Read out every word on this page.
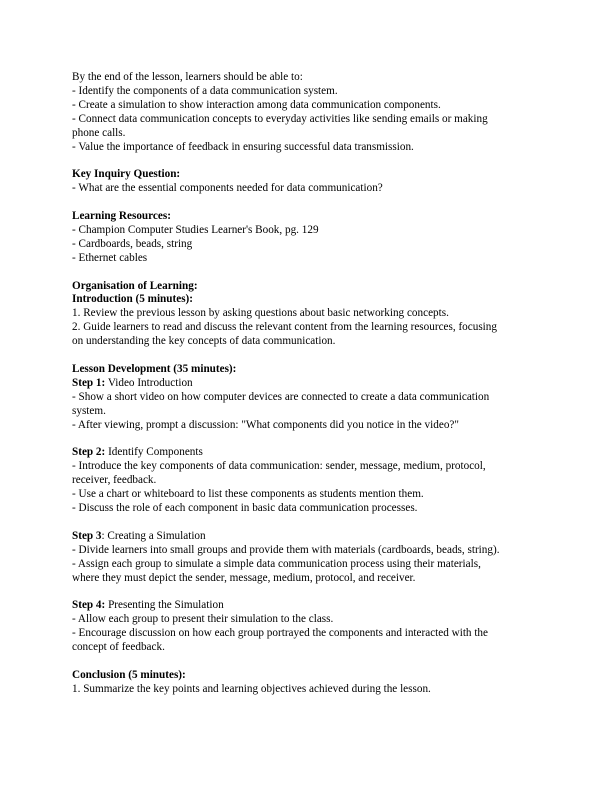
By the end of the lesson, learners should be able to:
- Identify the components of a data communication system.
- Create a simulation to show interaction among data communication components.
- Connect data communication concepts to everyday activities like sending emails or making
phone calls.
- Value the importance of feedback in ensuring successful data transmission.
Key Inquiry Question:
- What are the essential components needed for data communication?
Learning Resources:
- Champion Computer Studies Learner's Book, pg. 129
- Cardboards, beads, string
- Ethernet cables
Organisation of Learning:
Introduction (5 minutes):
1. Review the previous lesson by asking questions about basic networking concepts.
2. Guide learners to read and discuss the relevant content from the learning resources, focusing
on understanding the key concepts of data communication.
Lesson Development (35 minutes):
Step 1: Video Introduction
- Show a short video on how computer devices are connected to create a data communication
system.
- After viewing, prompt a discussion: "What components did you notice in the video?"
Step 2: Identify Components
- Introduce the key components of data communication: sender, message, medium, protocol,
receiver, feedback.
- Use a chart or whiteboard to list these components as students mention them.
- Discuss the role of each component in basic data communication processes.
Step 3: Creating a Simulation
- Divide learners into small groups and provide them with materials (cardboards, beads, string).
- Assign each group to simulate a simple data communication process using their materials,
where they must depict the sender, message, medium, protocol, and receiver.
Step 4: Presenting the Simulation
- Allow each group to present their simulation to the class.
- Encourage discussion on how each group portrayed the components and interacted with the
concept of feedback.
Conclusion (5 minutes):
1. Summarize the key points and learning objectives achieved during the lesson.
